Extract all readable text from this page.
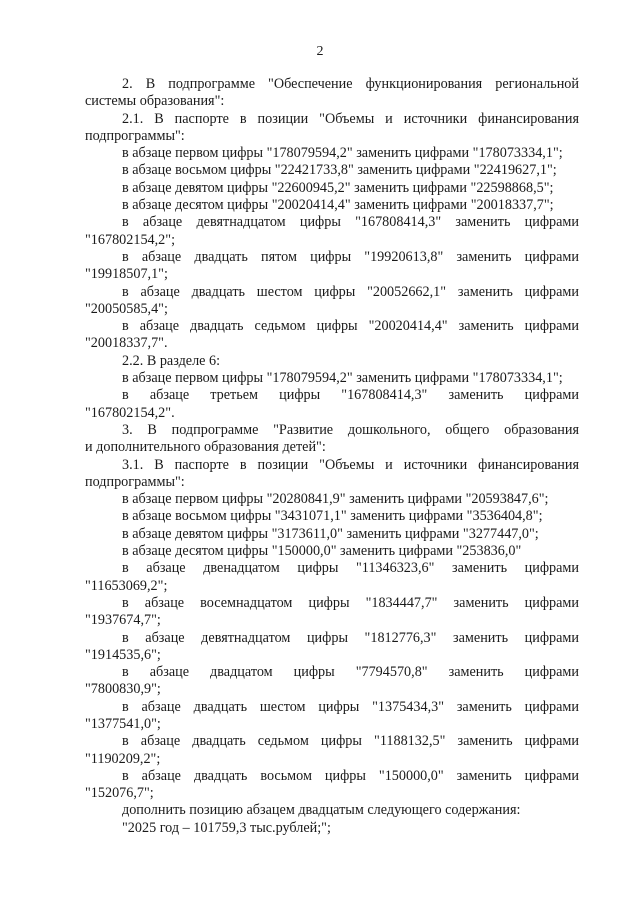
2
2. В подпрограмме "Обеспечение функционирования региональной
системы образования":
2.1. В паспорте в позиции "Объемы и источники финансирования
подпрограммы":
в абзаце первом цифры "178079594,2" заменить цифрами "178073334,1";
в абзаце восьмом цифры "22421733,8" заменить цифрами "22419627,1";
в абзаце девятом цифры "22600945,2" заменить цифрами "22598868,5";
в абзаце десятом цифры "20020414,4" заменить цифрами "20018337,7";
в абзаце девятнадцатом цифры "167808414,3" заменить цифрами
"167802154,2";
в абзаце двадцать пятом цифры "19920613,8" заменить цифрами
"19918507,1";
в абзаце двадцать шестом цифры "20052662,1" заменить цифрами
"20050585,4";
в абзаце двадцать седьмом цифры "20020414,4" заменить цифрами
"20018337,7".
2.2. В разделе 6:
в абзаце первом цифры "178079594,2" заменить цифрами "178073334,1";
в абзаце третьем цифры "167808414,3" заменить цифрами
"167802154,2".
3. В подпрограмме "Развитие дошкольного, общего образования
и дополнительного образования детей":
3.1. В паспорте в позиции "Объемы и источники финансирования
подпрограммы":
в абзаце первом цифры "20280841,9" заменить цифрами "20593847,6";
в абзаце восьмом цифры "3431071,1" заменить цифрами "3536404,8";
в абзаце девятом цифры "3173611,0" заменить цифрами "3277447,0";
в абзаце десятом цифры "150000,0" заменить цифрами "253836,0"
в абзаце двенадцатом цифры "11346323,6" заменить цифрами
"11653069,2";
в абзаце восемнадцатом цифры "1834447,7" заменить цифрами
"1937674,7";
в абзаце девятнадцатом цифры "1812776,3" заменить цифрами
"1914535,6";
в абзаце двадцатом цифры "7794570,8" заменить цифрами
"7800830,9";
в абзаце двадцать шестом цифры "1375434,3" заменить цифрами
"1377541,0";
в абзаце двадцать седьмом цифры "1188132,5" заменить цифрами
"1190209,2";
в абзаце двадцать восьмом цифры "150000,0" заменить цифрами
"152076,7";
дополнить позицию абзацем двадцатым следующего содержания:
"2025 год – 101759,3 тыс.рублей;";
